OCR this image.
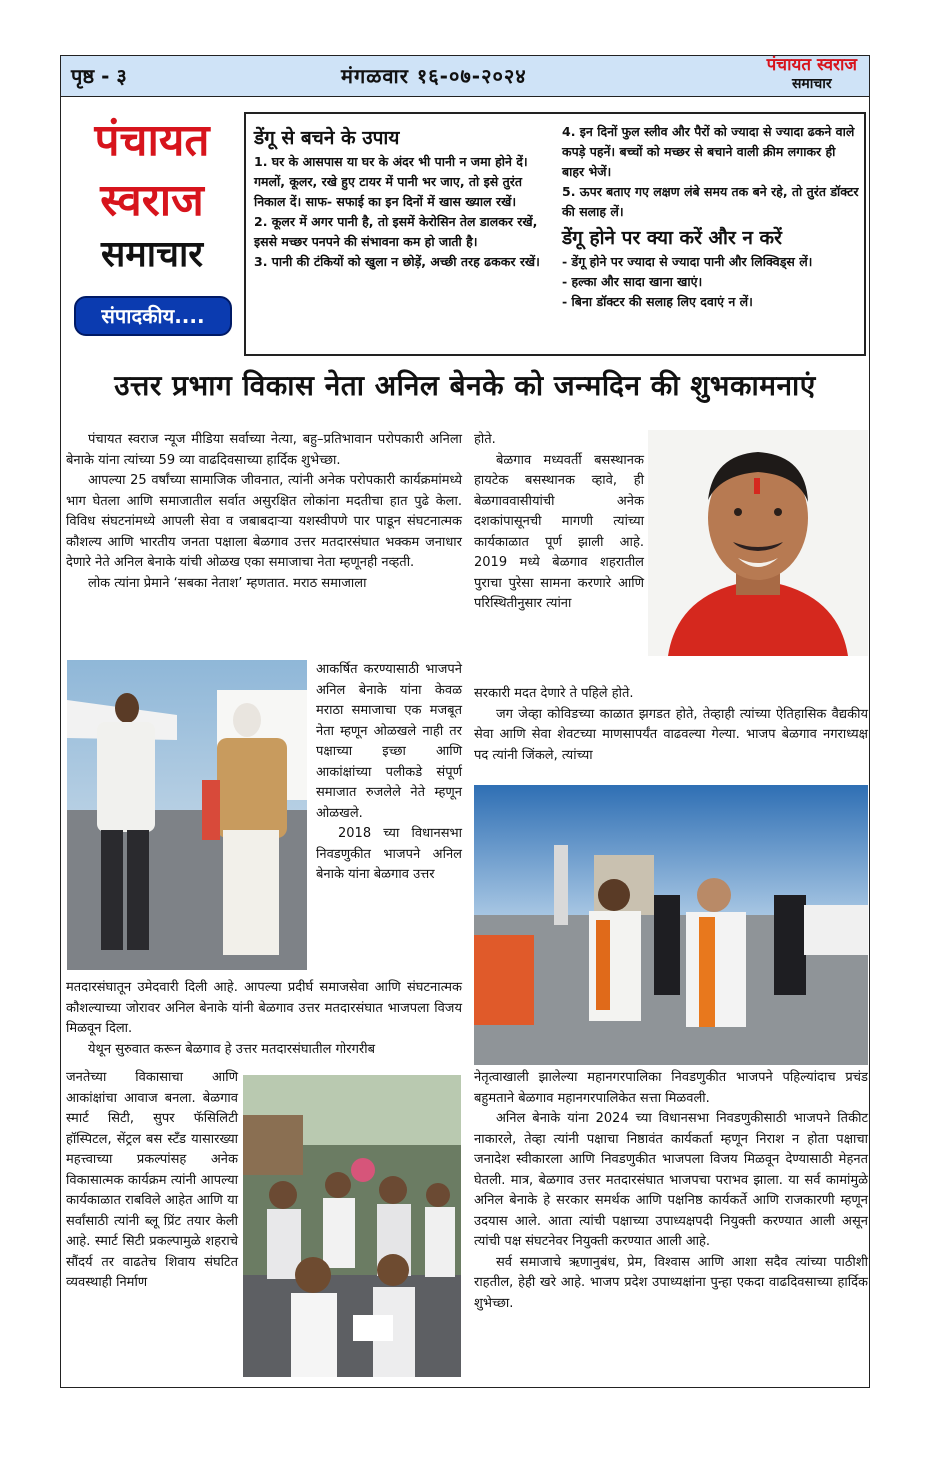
पृष्ठ - ३	मंगळवार १६-०७-२०२४	पंचायत स्वराज
समाचार
पंचायत
स्वराज
समाचार
संपादकीय....
डेंगू से बचने के उपाय

1. घर के आसपास या घर के अंदर भी पानी न जमा होने दें। गमलों, कूलर, रखे हुए टायर में पानी भर जाए, तो इसे तुरंत निकाल दें। साफ- सफाई का इन दिनों में खास ख्याल रखें।

2. कूलर में अगर पानी है, तो इसमें केरोसिन तेल डालकर रखें, इससे मच्छर पनपने की संभावना कम हो जाती है।

3. पानी की टंकियों को खुला न छोड़ें, अच्छी तरह ढककर रखें।

4. इन दिनों फुल स्लीव और पैरों को ज्यादा से ज्यादा ढकने वाले कपड़े पहनें। बच्चों को मच्छर से बचाने वाली क्रीम लगाकर ही बाहर भेजें।

5. ऊपर बताए गए लक्षण लंबे समय तक बने रहे, तो तुरंत डॉक्टर की सलाह लें।

डेंगू होने पर क्या करें और न करें

- डेंगू होने पर ज्यादा से ज्यादा पानी और लिक्विड्स लें।

- हल्का और सादा खाना खाएं।

- बिना डॉक्टर की सलाह लिए दवाएं न लें।

उत्तर प्रभाग विकास नेता अनिल बेनके को जन्मदिन की शुभकामनाएं

पंचायत स्वराज न्यूज मीडिया सर्वाच्या नेत्या, बहु–प्रतिभावान परोपकारी अनिला बेनाके यांना त्यांच्या 59 व्या वाढदिवसाच्या हार्दिक शुभेच्छा.

आपल्या 25 वर्षांच्या सामाजिक जीवनात, त्यांनी अनेक परोपकारी कार्यक्रमांमध्ये भाग घेतला आणि समाजातील सर्वात असुरक्षित लोकांना मदतीचा हात पुढे केला. विविध संघटनांमध्ये आपली सेवा व जबाबदाऱ्या यशस्वीपणे पार पाडून संघटनात्मक कौशल्य आणि भारतीय जनता पक्षाला बेळगाव उत्तर मतदारसंघात भक्कम जनाधार देणारे नेते अनिल बेनाके यांची ओळख एका समाजाचा नेता म्हणूनही नव्हती.

लोक त्यांना प्रेमाने ‘सबका नेताश’ म्हणतात. मराठ समाजाला

आकर्षित करण्यासाठी भाजपने अनिल बेनाके यांना केवळ मराठा समाजाचा एक मजबूत नेता म्हणून ओळखले नाही तर पक्षाच्या इच्छा आणि आकांक्षांच्या पलीकडे संपूर्ण समाजात रुजलेले नेते म्हणून ओळखले.

2018 च्या विधानसभा निवडणुकीत भाजपने अनिल बेनाके यांना बेळगाव उत्तर

मतदारसंघातून उमेदवारी दिली आहे. आपल्या प्रदीर्घ समाजसेवा आणि संघटनात्मक कौशल्याच्या जोरावर अनिल बेनाके यांनी बेळगाव उत्तर मतदारसंघात भाजपला विजय मिळवून दिला.

येथून सुरुवात करून बेळगाव हे उत्तर मतदारसंघातील गोरगरीब

जनतेच्या विकासाचा आणि आकांक्षांचा आवाज बनला. बेळगाव स्मार्ट सिटी, सुपर फॅसिलिटी हॉस्पिटल, सेंट्रल बस स्टँड यासारख्या महत्त्वाच्या प्रकल्पांसह अनेक विकासात्मक कार्यक्रम त्यांनी आपल्या कार्यकाळात राबविले आहेत आणि या सर्वांसाठी त्यांनी ब्लू प्रिंट तयार केली आहे. स्मार्ट सिटी प्रकल्पामुळे शहराचे सौंदर्य तर वाढतेच शिवाय संघटित व्यवस्थाही निर्माण

होते.

बेळगाव मध्यवर्ती बसस्थानक हायटेक बसस्थानक व्हावे, ही बेळगाववासीयांची अनेक दशकांपासूनची मागणी त्यांच्या कार्यकाळात पूर्ण झाली आहे. 2019 मध्ये बेळगाव शहरातील पुराचा पुरेसा सामना करणारे आणि परिस्थितीनुसार त्यांना

सरकारी मदत देणारे ते पहिले होते.

जग जेव्हा कोविडच्या काळात झगडत होते, तेव्हाही त्यांच्या ऐतिहासिक वैद्यकीय सेवा आणि सेवा शेवटच्या माणसापर्यंत वाढवल्या गेल्या. भाजप बेळगाव नगराध्यक्ष पद त्यांनी जिंकले, त्यांच्या

नेतृत्वाखाली झालेल्या महानगरपालिका निवडणुकीत भाजपने पहिल्यांदाच प्रचंड बहुमताने बेळगाव महानगरपालिकेत सत्ता मिळवली.

अनिल बेनाके यांना 2024 च्या विधानसभा निवडणुकीसाठी भाजपने तिकीट नाकारले, तेव्हा त्यांनी पक्षाचा निष्ठावंत कार्यकर्ता म्हणून निराश न होता पक्षाचा जनादेश स्वीकारला आणि निवडणुकीत भाजपला विजय मिळवून देण्यासाठी मेहनत घेतली. मात्र, बेळगाव उत्तर मतदारसंघात भाजपचा पराभव झाला. या सर्व कामांमुळे अनिल बेनाके हे सरकार समर्थक आणि पक्षनिष्ठ कार्यकर्ते आणि राजकारणी म्हणून उदयास आले. आता त्यांची पक्षाच्या उपाध्यक्षपदी नियुक्ती करण्यात आली असून त्यांची पक्ष संघटनेवर नियुक्ती करण्यात आली आहे.

सर्व समाजाचे ऋणानुबंध, प्रेम, विश्वास आणि आशा सदैव त्यांच्या पाठीशी राहतील, हेही खरे आहे. भाजप प्रदेश उपाध्यक्षांना पुन्हा एकदा वाढदिवसाच्या हार्दिक शुभेच्छा.
